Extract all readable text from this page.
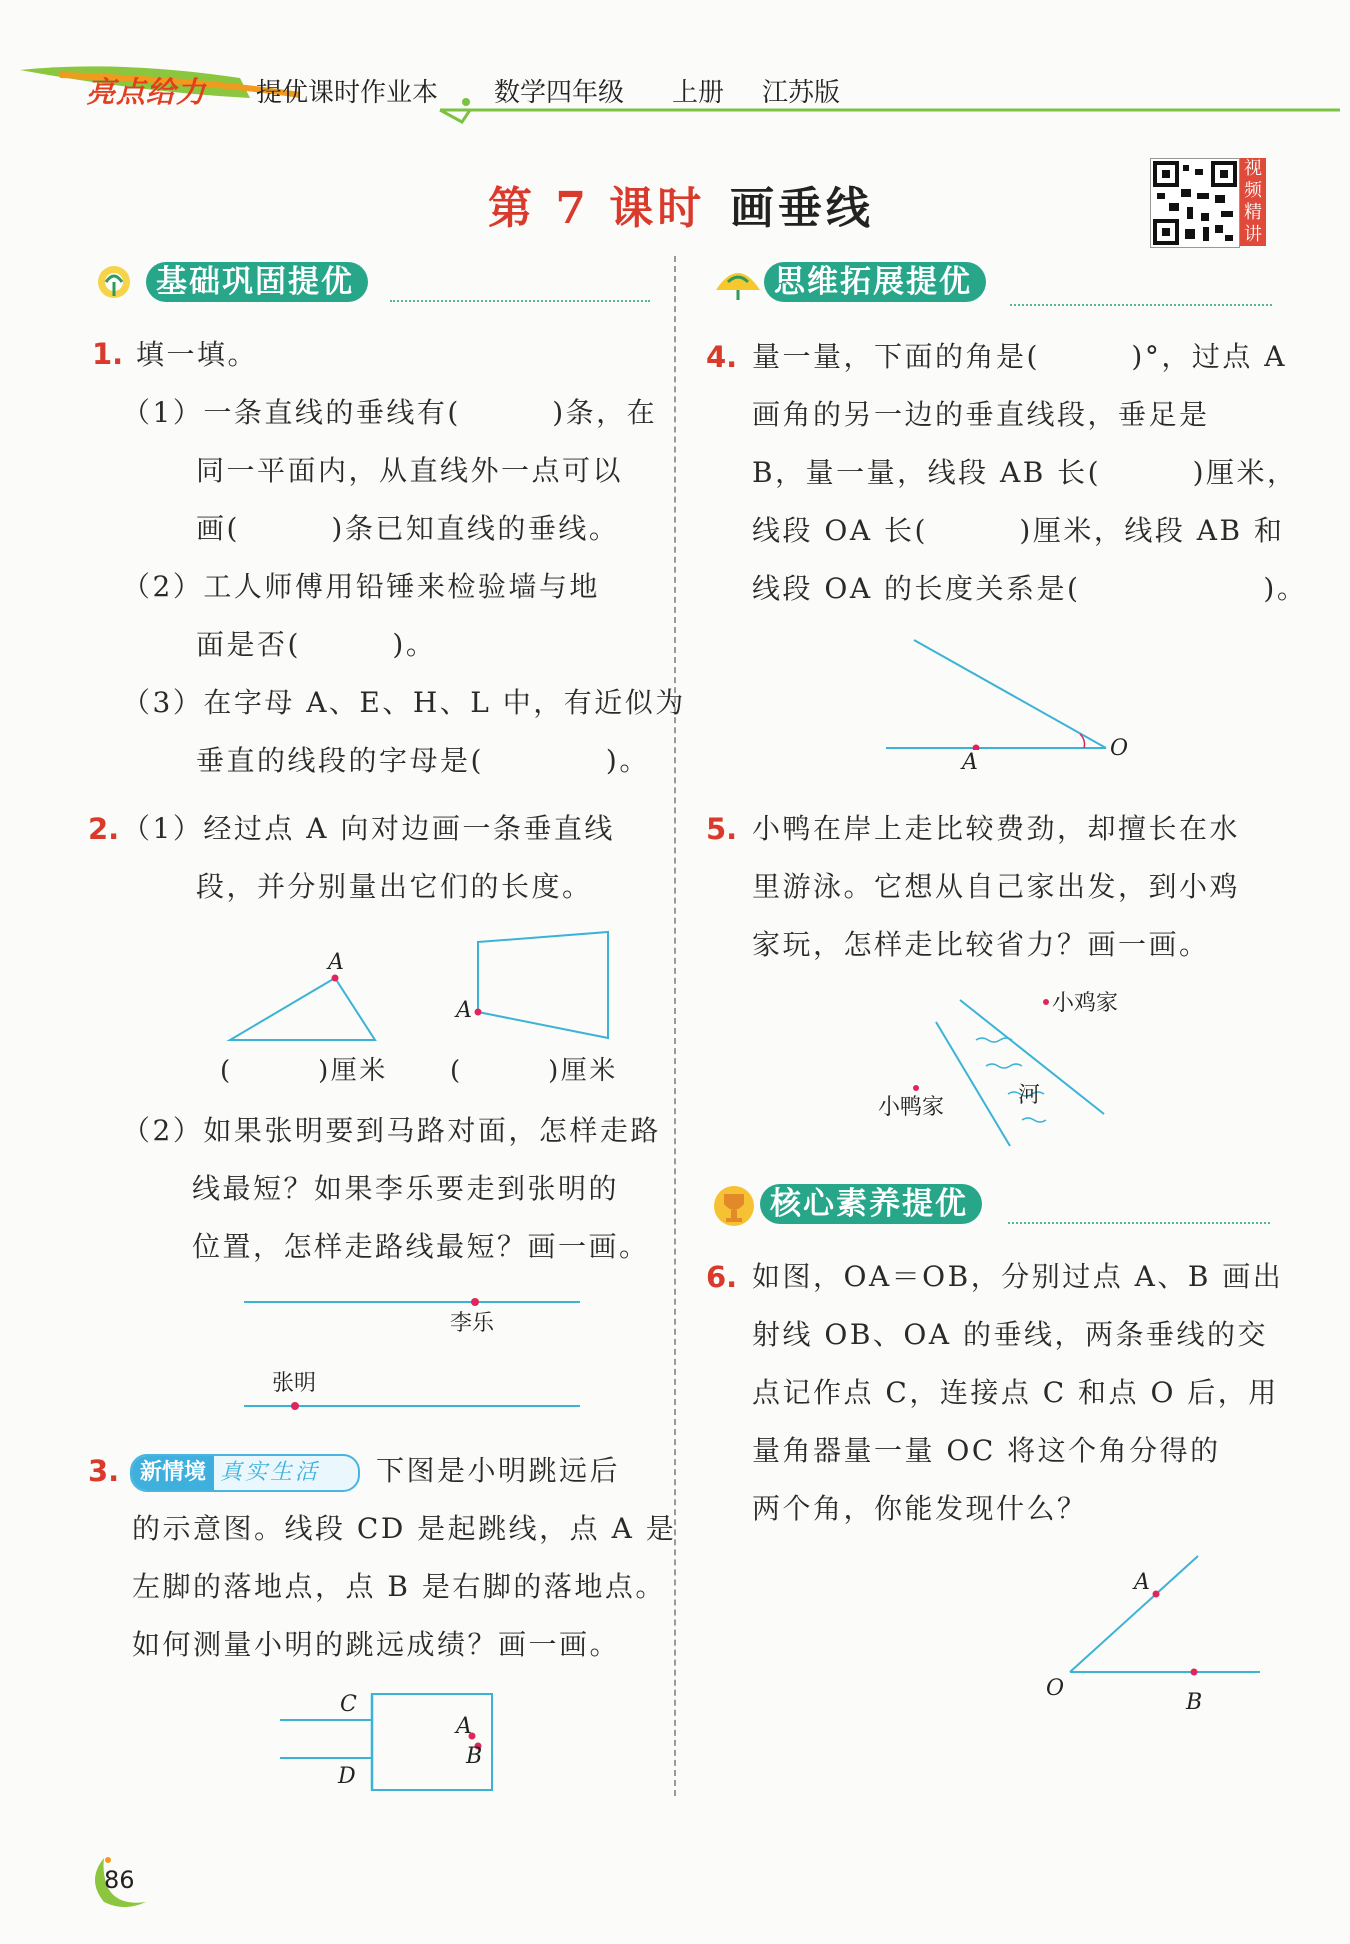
亮点给力 提优课时作业本 数学四年级 上册 江苏版
第 7 课时 画垂线
视频精讲
基础巩固提优
1. 填一填。
（1）一条直线的垂线有(　　　)条，在
同一平面内，从直线外一点可以
画(　　　)条已知直线的垂线。
（2）工人师傅用铅锤来检验墙与地
面是否(　　　)。
（3）在字母 A、E、H、L 中，有近似为
垂直的线段的字母是(　　　　)。
2. （1）经过点 A 向对边画一条垂直线
段，并分别量出它们的长度。
A
A
(　　　)厘米 (　　　)厘米
（2）如果张明要到马路对面，怎样走路
线最短？如果李乐要走到张明的
位置，怎样走路线最短？画一画。
李乐
张明
3. 新情境 真实生活	下图是小明跳远后
的示意图。线段 CD 是起跳线，点 A 是
左脚的落地点，点 B 是右脚的落地点。
如何测量小明的跳远成绩？画一画。
C
D
A
B
思维拓展提优
4. 量一量，下面的角是(　　　)°，过点 A
画角的另一边的垂直线段，垂足是
B，量一量，线段 AB 长(　　　)厘米，
线段 OA 长(　　　)厘米，线段 AB 和
线段 OA 的长度关系是(　　　　　　)。
A
O
5. 小鸭在岸上走比较费劲，却擅长在水
里游泳。它想从自己家出发，到小鸡
家玩，怎样走比较省力？画一画。
小鸡家
小鸭家	河
核心素养提优
6. 如图，OA＝OB，分别过点 A、B 画出
射线 OB、OA 的垂线，两条垂线的交
点记作点 C，连接点 C 和点 O 后，用
量角器量一量 OC 将这个角分得的
两个角，你能发现什么？
A
O
B
86
